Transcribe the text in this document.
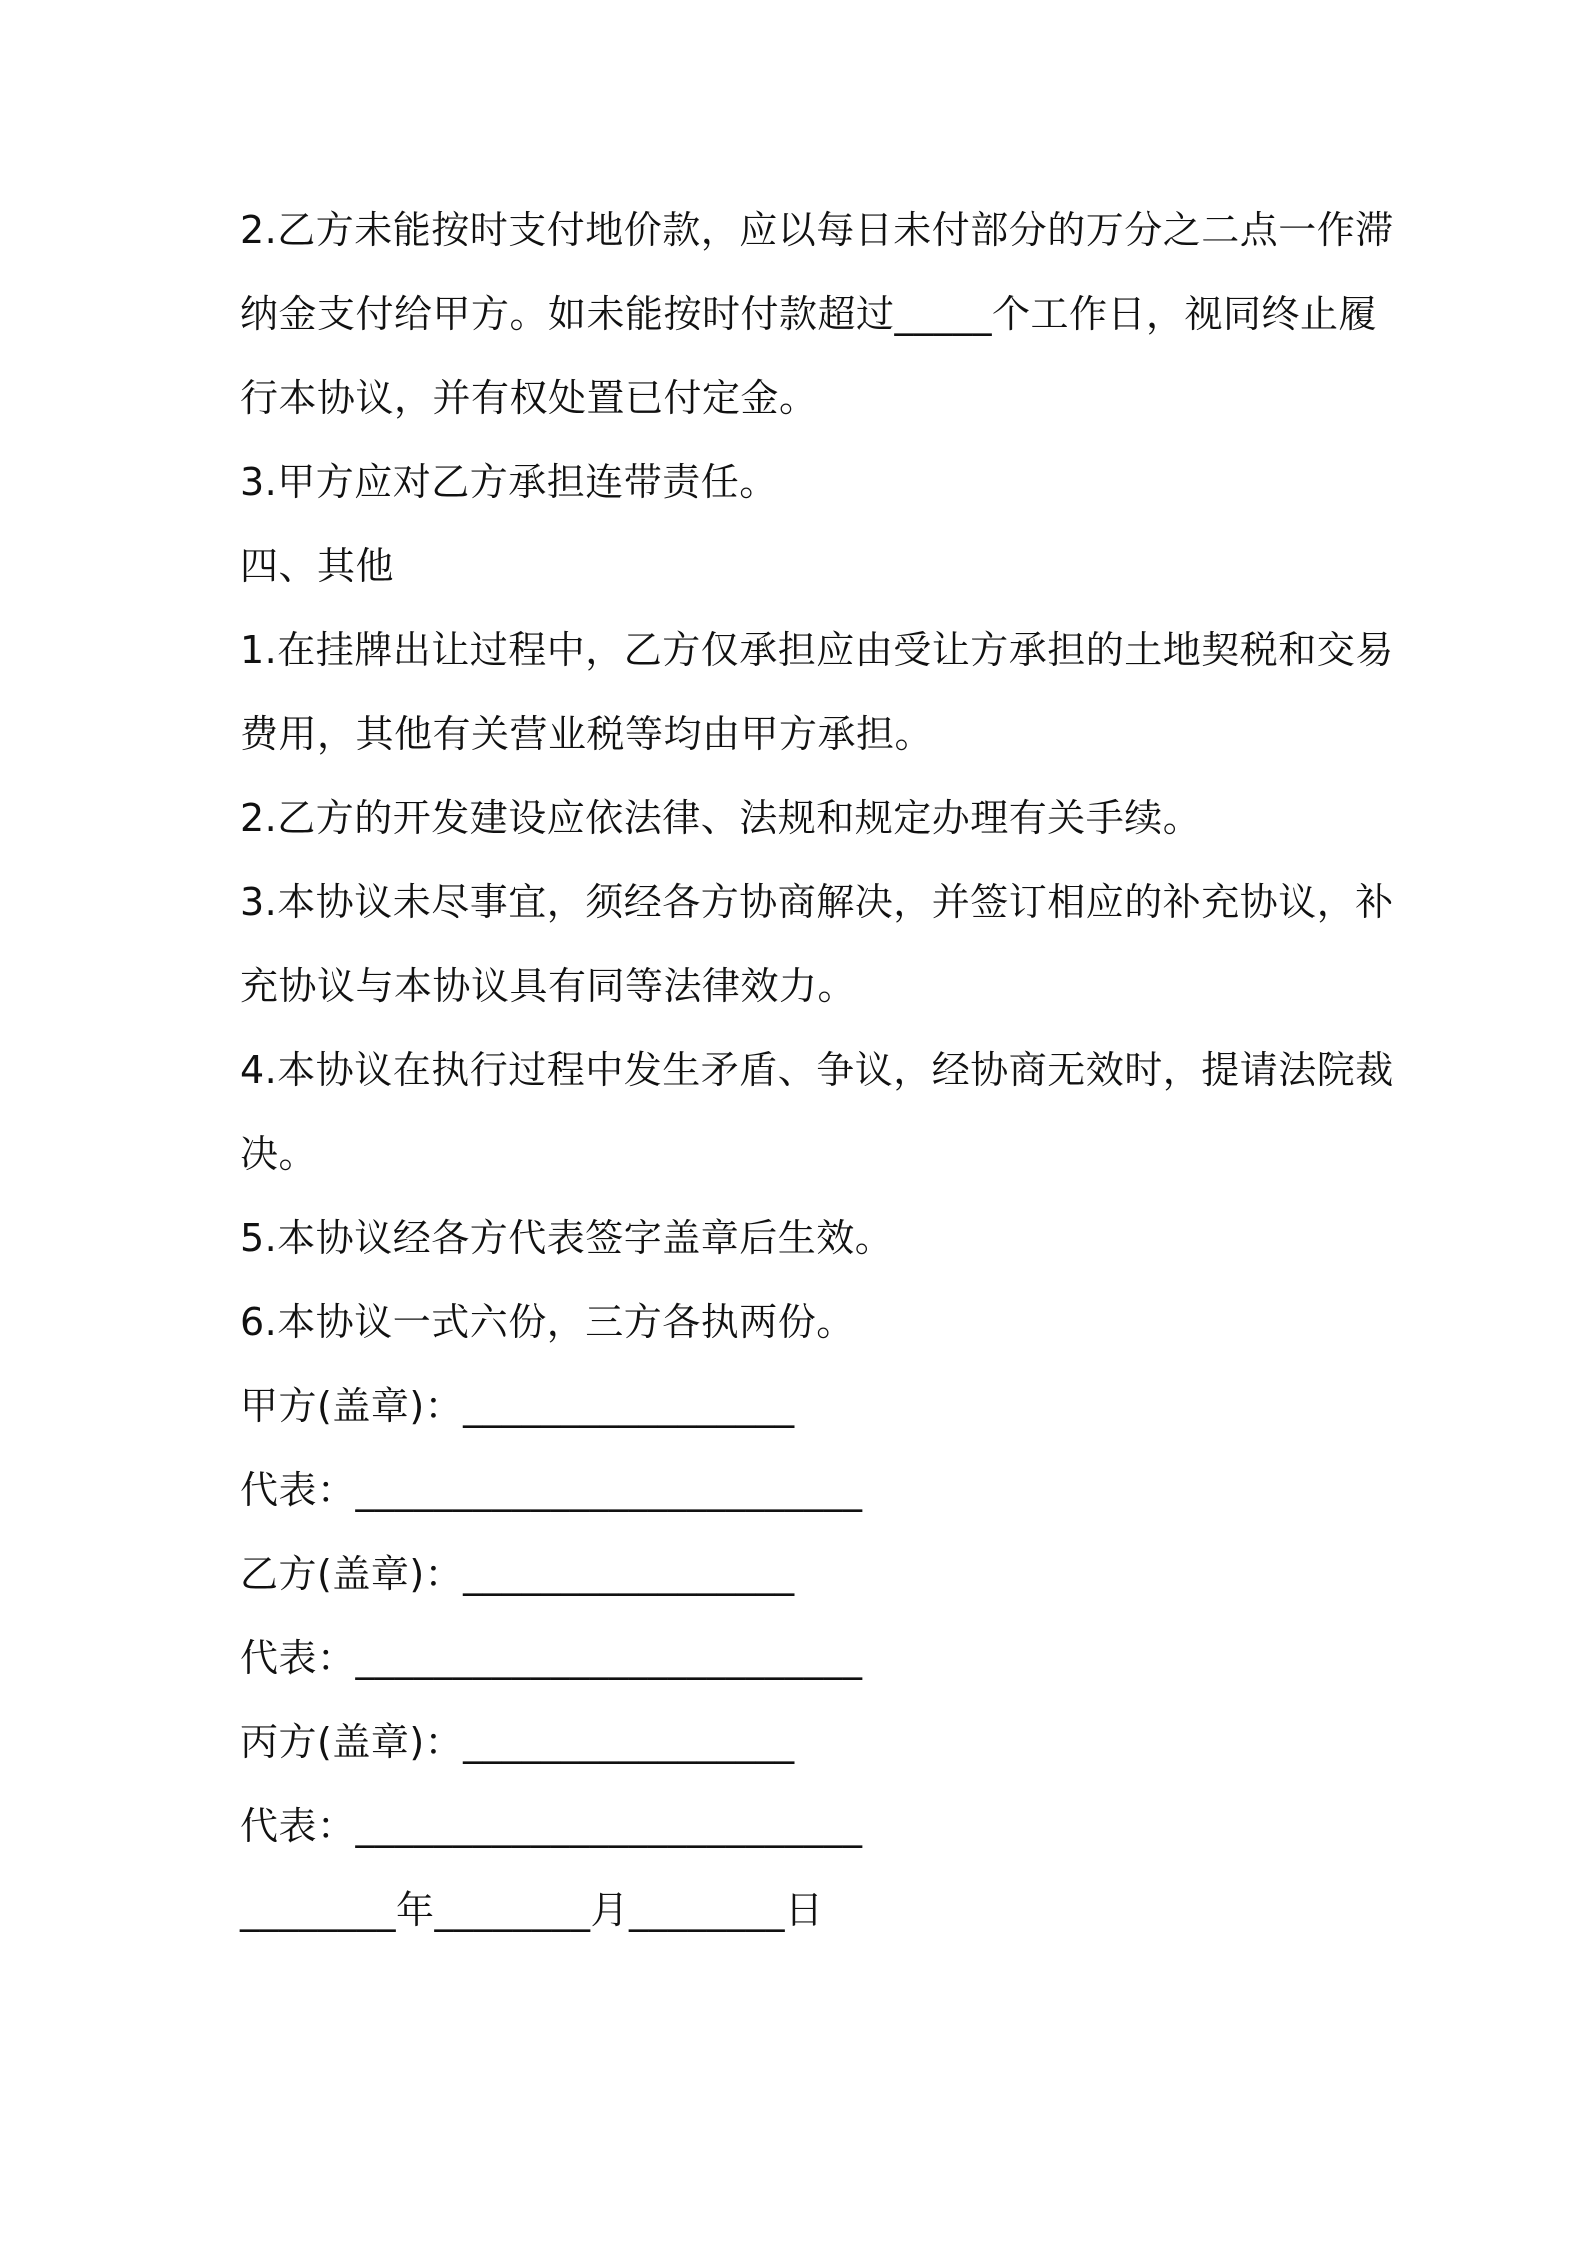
2.乙方未能按时支付地价款，应以每日未付部分的万分之二点一作滞
纳金支付给甲方。如未能按时付款超过_____个工作日，视同终止履
行本协议，并有权处置已付定金。
3.甲方应对乙方承担连带责任。
四、其他
1.在挂牌出让过程中，乙方仅承担应由受让方承担的土地契税和交易
费用，其他有关营业税等均由甲方承担。
2.乙方的开发建设应依法律、法规和规定办理有关手续。
3.本协议未尽事宜，须经各方协商解决，并签订相应的补充协议，补
充协议与本协议具有同等法律效力。
4.本协议在执行过程中发生矛盾、争议，经协商无效时，提请法院裁
决。
5.本协议经各方代表签字盖章后生效。
6.本协议一式六份，三方各执两份。
甲方(盖章)：_________________
代表：__________________________
乙方(盖章)：_________________
代表：__________________________
丙方(盖章)：_________________
代表：__________________________
________年________月________日
